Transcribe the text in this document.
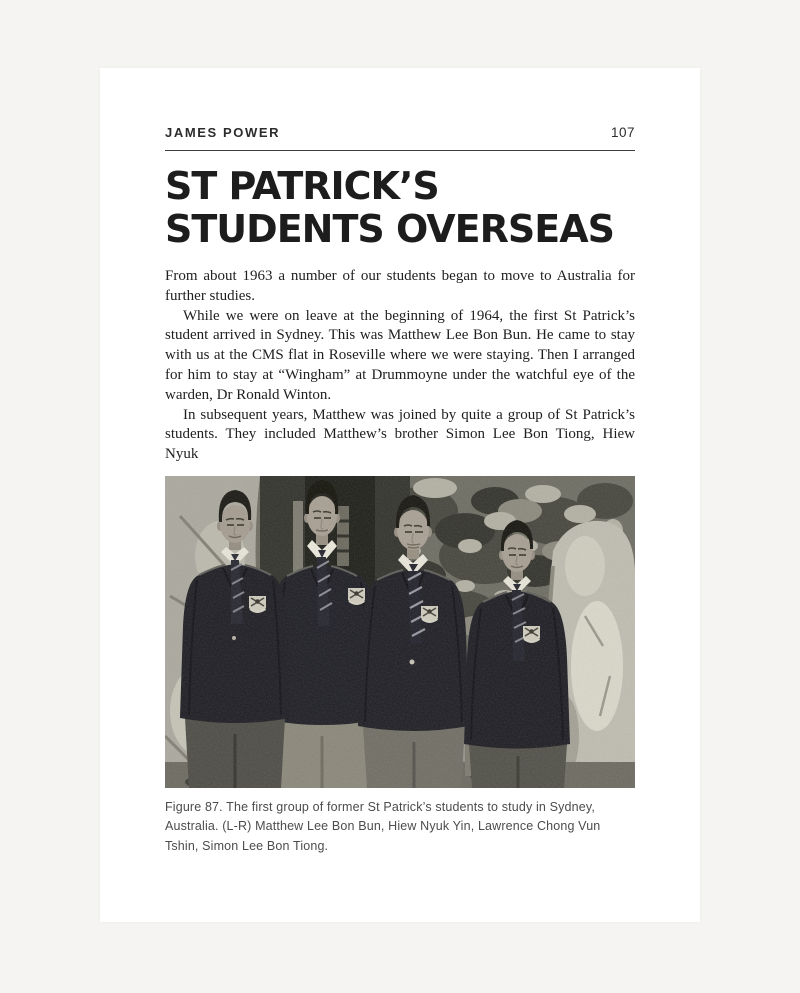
JAMES POWER	107
ST PATRICK’S
STUDENTS OVERSEAS

From about 1963 a number of our students began to move to Australia for further studies.

While we were on leave at the beginning of 1964, the first St Patrick’s student arrived in Sydney. This was Matthew Lee Bon Bun. He came to stay with us at the CMS flat in Roseville where we were staying. Then I arranged for him to stay at “Wingham” at Drummoyne under the watchful eye of the warden, Dr Ronald Winton.

In subsequent years, Matthew was joined by quite a group of St Patrick’s students. They included Matthew’s brother Simon Lee Bon Tiong, Hiew Nyuk

Figure 87. The first group of former St Patrick’s students to study in Sydney, Australia. (L-R) Matthew Lee Bon Bun, Hiew Nyuk Yin, Lawrence Chong Vun Tshin, Simon Lee Bon Tiong.
